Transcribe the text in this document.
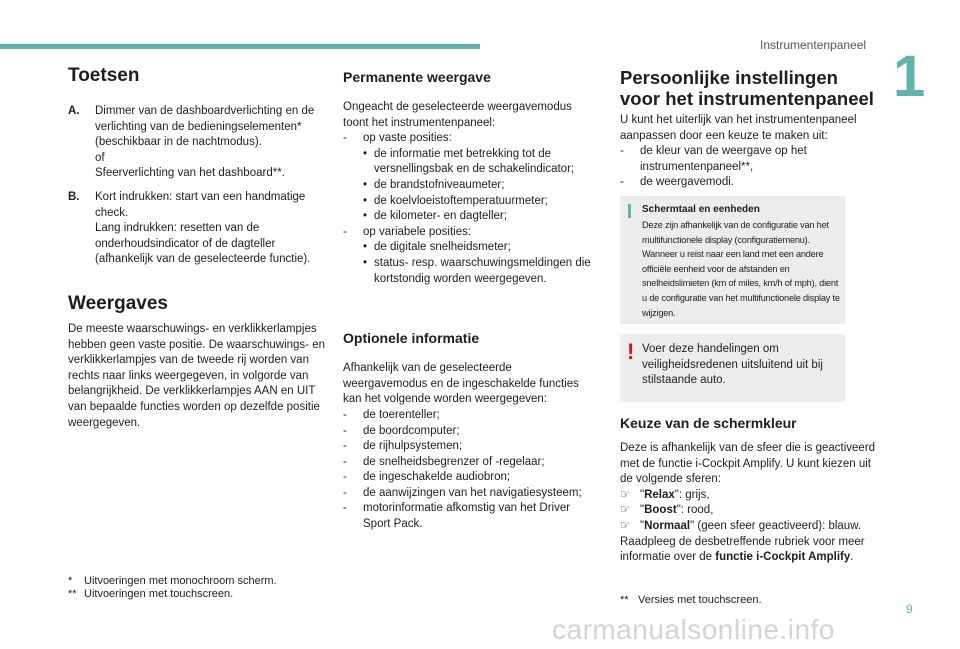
Instrumentenpaneel 1
Toetsen
A.	Dimmer van de dashboardverlichting en de verlichting van de bedieningselementen* (beschikbaar in de nachtmodus).

of

Sfeerverlichting van het dashboard**.

B.	Kort indrukken: start van een handmatige check.

Lang indrukken: resetten van de onderhoudsindicator of de dagteller (afhankelijk van de geselecteerde functie).

Weergaves

De meeste waarschuwings- en verklikkerlampjes hebben geen vaste positie. De waarschuwings- en verklikkerlampjes van de tweede rij worden van rechts naar links weergegeven, in volgorde van belangrijkheid. De verklikkerlampjes AAN en UIT van bepaalde functies worden op dezelfde positie weergegeven.

*	Uitvoeringen met monochroom scherm.
** Uitvoeringen met touchscreen.
Permanente weergave

Ongeacht de geselecteerde weergavemodus toont het instrumentenpaneel:

-	op vaste posities:
• de informatie met betrekking tot de versnellingsbak en de schakelindicator;
• de brandstofniveaumeter;
• de koelvloeistoftemperatuurmeter;
• de kilometer- en dagteller;
-	op variabele posities:
• de digitale snelheidsmeter;
• status- resp. waarschuwingsmeldingen die kortstondig worden weergegeven.
Optionele informatie

Afhankelijk van de geselecteerde weergavemodus en de ingeschakelde functies kan het volgende worden weergegeven:

-	de toerenteller;
-	de boordcomputer;
-	de rijhulpsystemen;
-	de snelheidsbegrenzer of -regelaar;
-	de ingeschakelde audiobron;
-	de aanwijzingen van het navigatiesysteem;
-	motorinformatie afkomstig van het Driver Sport Pack.
Persoonlijke instellingen voor het instrumentenpaneel

U kunt het uiterlijk van het instrumentenpaneel aanpassen door een keuze te maken uit:

-	de kleur van de weergave op het instrumentenpaneel**,
-	de weergavemodi.
Schermtaal en eenheden
Deze zijn afhankelijk van de configuratie van het multifunctionele display (configuratiemenu). Wanneer u reist naar een land met een andere officiële eenheid voor de afstanden en snelheidslimieten (km of miles, km/h of mph), dient u de configuratie van het multifunctionele display te wijzigen.
! Voer deze handelingen om veiligheidsredenen uitsluitend uit bij stilstaande auto.
Keuze van de schermkleur

Deze is afhankelijk van de sfeer die is geactiveerd met de functie i-Cockpit Amplify. U kunt kiezen uit de volgende sferen:

☞ "Relax": grijs,
☞ "Boost": rood,
☞ "Normaal" (geen sfeer geactiveerd): blauw.

Raadpleeg de desbetreffende rubriek voor meer informatie over de functie i-Cockpit Amplify.

** Versies met touchscreen.
9
carmanualsonline.info
